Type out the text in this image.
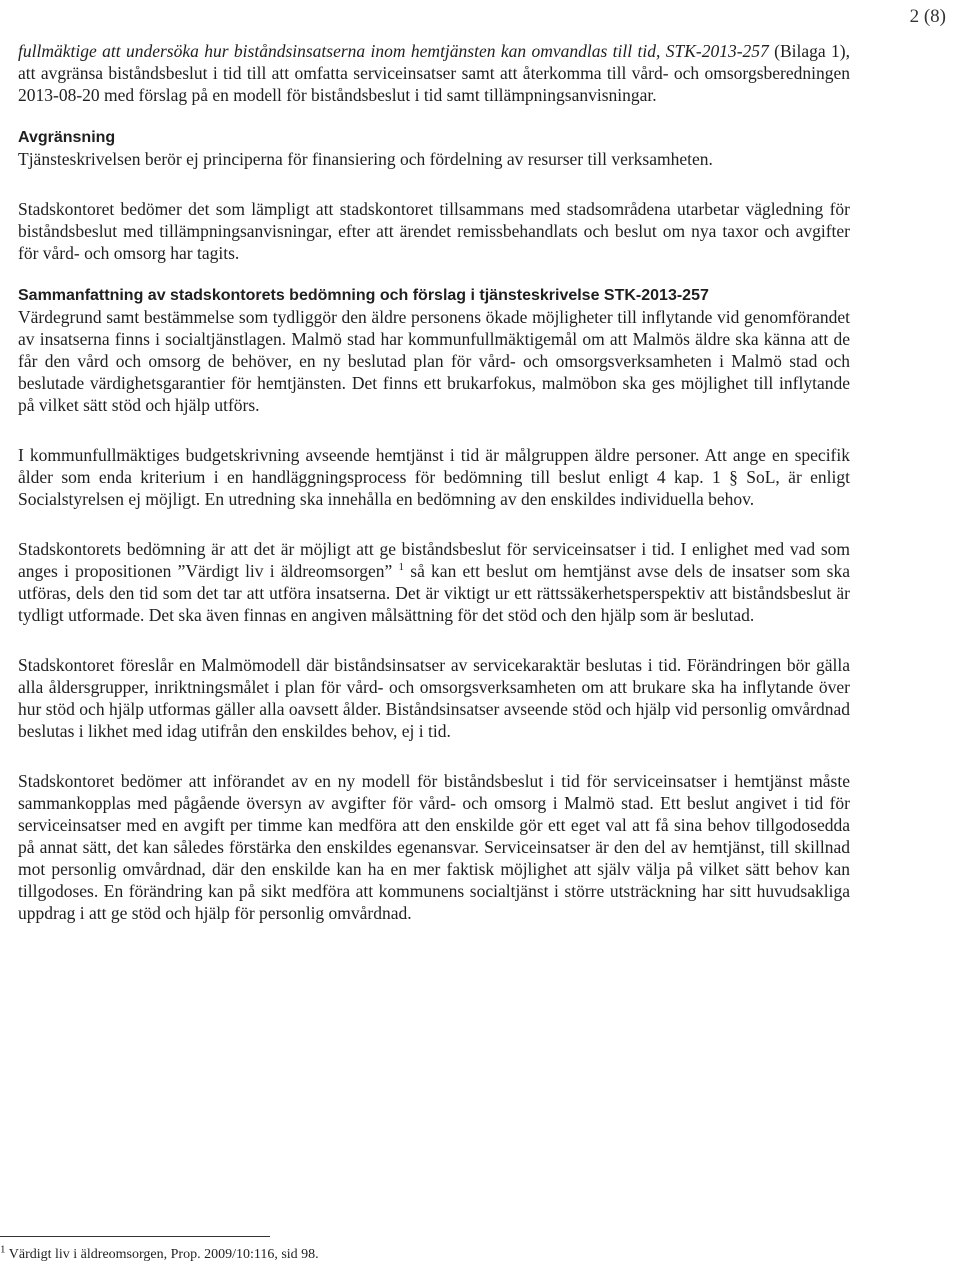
2 (8)

fullmäktige att undersöka hur biståndsinsatserna inom hemtjänsten kan omvandlas till tid, STK-2013-257 (Bilaga 1), att avgränsa biståndsbeslut i tid till att omfatta serviceinsatser samt att återkomma till vård- och omsorgsberedningen 2013-08-20 med förslag på en modell för biståndsbeslut i tid samt tillämpningsanvisningar.

Avgränsning

Tjänsteskrivelsen berör ej principerna för finansiering och fördelning av resurser till verksamheten.

Stadskontoret bedömer det som lämpligt att stadskontoret tillsammans med stadsområdena utarbetar vägledning för biståndsbeslut med tillämpningsanvisningar, efter att ärendet remissbehandlats och beslut om nya taxor och avgifter för vård- och omsorg har tagits.

Sammanfattning av stadskontorets bedömning och förslag i tjänsteskrivelse STK-2013-257

Värdegrund samt bestämmelse som tydliggör den äldre personens ökade möjligheter till inflytande vid genomförandet av insatserna finns i socialtjänstlagen. Malmö stad har kommunfullmäktigemål om att Malmös äldre ska känna att de får den vård och omsorg de behöver, en ny beslutad plan för vård- och omsorgsverksamheten i Malmö stad och beslutade värdighetsgarantier för hemtjänsten. Det finns ett brukarfokus, malmöbon ska ges möjlighet till inflytande på vilket sätt stöd och hjälp utförs.

I kommunfullmäktiges budgetskrivning avseende hemtjänst i tid är målgruppen äldre personer. Att ange en specifik ålder som enda kriterium i en handläggningsprocess för bedömning till beslut enligt 4 kap. 1 § SoL, är enligt Socialstyrelsen ej möjligt. En utredning ska innehålla en bedömning av den enskildes individuella behov.

Stadskontorets bedömning är att det är möjligt att ge biståndsbeslut för serviceinsatser i tid. I enlighet med vad som anges i propositionen ”Värdigt liv i äldreomsorgen” $^1$ så kan ett beslut om hemtjänst avse dels de insatser som ska utföras, dels den tid som det tar att utföra insatserna. Det är viktigt ur ett rättssäkerhetsperspektiv att biståndsbeslut är tydligt utformade. Det ska även finnas en angiven målsättning för det stöd och den hjälp som är beslutad.

Stadskontoret föreslår en Malmömodell där biståndsinsatser av servicekaraktär beslutas i tid. Förändringen bör gälla alla åldersgrupper, inriktningsmålet i plan för vård- och omsorgsverksamheten om att brukare ska ha inflytande över hur stöd och hjälp utformas gäller alla oavsett ålder. Biståndsinsatser avseende stöd och hjälp vid personlig omvårdnad beslutas i likhet med idag utifrån den enskildes behov, ej i tid.

Stadskontoret bedömer att införandet av en ny modell för biståndsbeslut i tid för serviceinsatser i hemtjänst måste sammankopplas med pågående översyn av avgifter för vård- och omsorg i Malmö stad. Ett beslut angivet i tid för serviceinsatser med en avgift per timme kan medföra att den enskilde gör ett eget val att få sina behov tillgodosedda på annat sätt, det kan således förstärka den enskildes egenansvar. Serviceinsatser är den del av hemtjänst, till skillnad mot personlig omvårdnad, där den enskilde kan ha en mer faktisk möjlighet att själv välja på vilket sätt behov kan tillgodoses. En förändring kan på sikt medföra att kommunens socialtjänst i större utsträckning har sitt huvudsakliga uppdrag i att ge stöd och hjälp för personlig omvårdnad.

$^1$ Värdigt liv i äldreomsorgen, Prop. 2009/10:116, sid 98.
